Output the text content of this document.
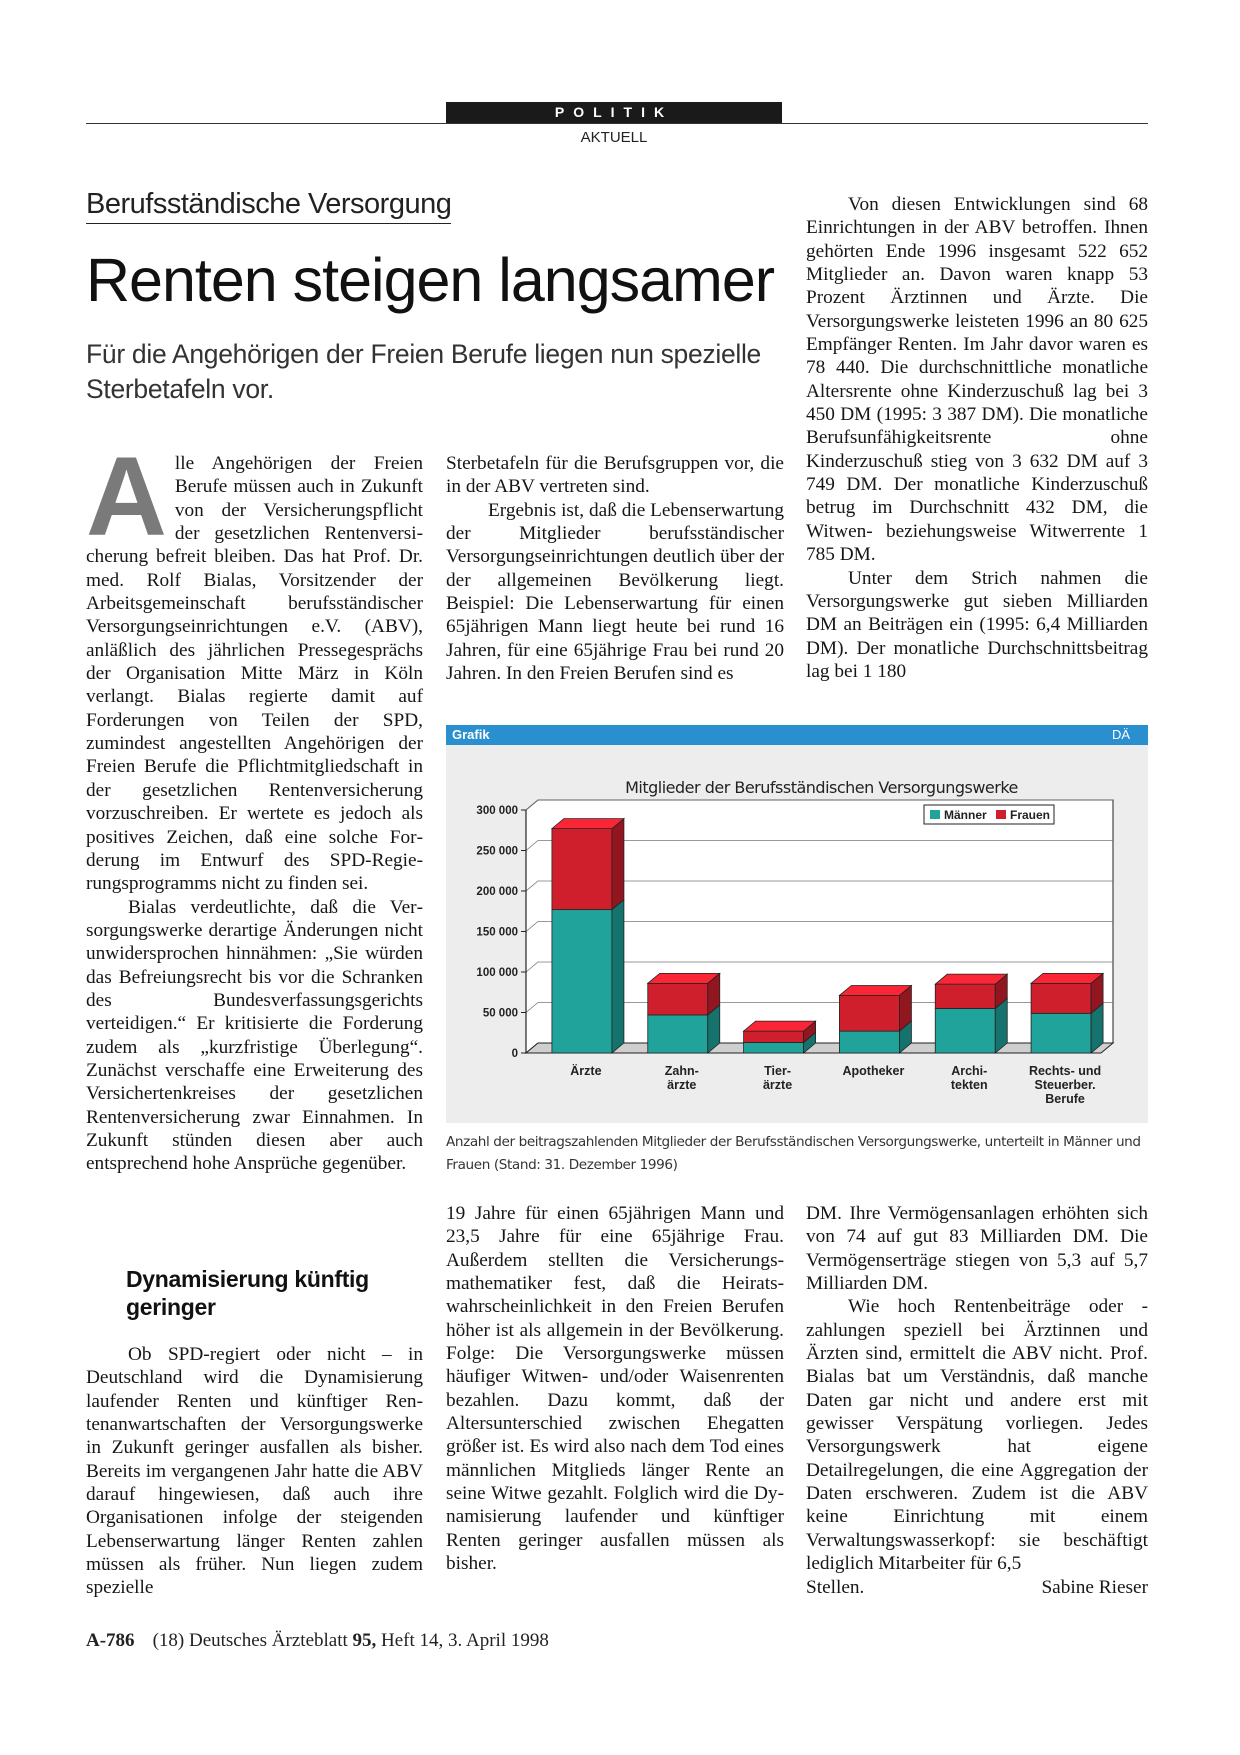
POLITIK
AKTUELL
Berufsständische Versorgung
Renten steigen langsamer

Für die Angehörigen der Freien Berufe liegen nun spezielle Sterbetafeln vor.

Alle Angehörigen der Freien Berufe müssen auch in Zukunft von der Versicherungspflicht der gesetzlichen Rentenversicherung befreit bleiben. Das hat Prof. Dr. med. Rolf Bialas, Vorsitzender der Arbeitsgemeinschaft berufsständischer Versorgungseinrichtungen e.V. (ABV), anläßlich des jährlichen Pressegesprächs der Organisation Mitte März in Köln verlangt. Bialas regierte damit auf Forderungen von Teilen der SPD, zumindest angestellten Angehörigen der Freien Berufe die Pflichtmitgliedschaft in der gesetzlichen Rentenversicherung vorzuschreiben. Er wertete es jedoch als positives Zeichen, daß eine solche Forderung im Entwurf des SPD-Regierungsprogramms nicht zu finden sei.

Bialas verdeutlichte, daß die Versorgungswerke derartige Änderungen nicht unwidersprochen hinnähmen: „Sie würden das Befreiungsrecht bis vor die Schranken des Bundesverfassungsgerichts verteidigen.“ Er kritisierte die Forderung zudem als „kurzfristige Überlegung“. Zunächst verschaffe eine Erweiterung des Versichertenkreises der gesetzlichen Rentenversicherung zwar Einnahmen. In Zukunft stünden diesen aber auch entsprechend hohe Ansprüche gegenüber.

Dynamisierung künftig geringer

Ob SPD-regiert oder nicht – in Deutschland wird die Dynamisierung laufender Renten und künftiger Rentenanwartschaften der Versorgungswerke in Zukunft geringer ausfallen als bisher. Bereits im vergangenen Jahr hatte die ABV darauf hingewiesen, daß auch ihre Organisationen infolge der steigenden Lebenserwartung länger Renten zahlen müssen als früher. Nun liegen zudem spezielle

Sterbetafeln für die Berufsgruppen vor, die in der ABV vertreten sind.

Ergebnis ist, daß die Lebenserwartung der Mitglieder berufsständischer Versorgungseinrichtungen deutlich über der der allgemeinen Bevölkerung liegt. Beispiel: Die Lebenserwartung für einen 65jährigen Mann liegt heute bei rund 16 Jahren, für eine 65jährige Frau bei rund 20 Jahren. In den Freien Berufen sind es

19 Jahre für einen 65jährigen Mann und 23,5 Jahre für eine 65jährige Frau. Außerdem stellten die Versicherungsmathematiker fest, daß die Heiratswahrscheinlichkeit in den Freien Berufen höher ist als allgemein in der Bevölkerung. Folge: Die Versorgungswerke müssen häufiger Witwen- und/oder Waisenrenten bezahlen. Dazu kommt, daß der Altersunterschied zwischen Ehegatten größer ist. Es wird also nach dem Tod eines männlichen Mitglieds länger Rente an seine Witwe gezahlt. Folglich wird die Dynamisierung laufender und künftiger Renten geringer ausfallen müssen als bisher.

Von diesen Entwicklungen sind 68 Einrichtungen in der ABV betroffen. Ihnen gehörten Ende 1996 insgesamt 522 652 Mitglieder an. Davon waren knapp 53 Prozent Ärztinnen und Ärzte. Die Versorgungswerke leisteten 1996 an 80 625 Empfänger Renten. Im Jahr davor waren es 78 440. Die durchschnittliche monatliche Altersrente ohne Kinderzuschuß lag bei 3 450 DM (1995: 3 387 DM). Die monatliche Berufsunfähigkeitsrente ohne Kinderzuschuß stieg von 3 632 DM auf 3 749 DM. Der monatliche Kinderzuschuß betrug im Durchschnitt 432 DM, die Witwen- beziehungsweise Witwerrente 1 785 DM.

Unter dem Strich nahmen die Versorgungswerke gut sieben Milliarden DM an Beiträgen ein (1995: 6,4 Milliarden DM). Der monatliche Durchschnittsbeitrag lag bei 1 180

DM. Ihre Vermögensanlagen erhöhten sich von 74 auf gut 83 Milliarden DM. Die Vermögenserträge stiegen von 5,3 auf 5,7 Milliarden DM.

Wie hoch Rentenbeiträge oder -zahlungen speziell bei Ärztinnen und Ärzten sind, ermittelt die ABV nicht. Prof. Bialas bat um Verständnis, daß manche Daten gar nicht und andere erst mit gewisser Verspätung vorliegen. Jedes Versorgungswerk hat eigene Detailregelungen, die eine Aggregation der Daten erschweren. Zudem ist die ABV keine Einrichtung mit einem Verwaltungswasserkopf: sie beschäftigt lediglich Mitarbeiter für 6,5

Stellen.	Sabine Rieser

Grafik	DÄ
0
50 000
100 000
150 000
200 000
250 000
300 000
Mitglieder der Berufsständischen Versorgungswerke
Männer Frauen
Ärzte	Zahn-ärzte
Tier-ärzte
Apotheker	Archi-tekten
Rechts- und Steuerber. Berufe

Anzahl der beitragszahlenden Mitglieder der Berufsständischen Versorgungswerke, unterteilt in Männer und Frauen (Stand: 31. Dezember 1996)

A-786 (18) Deutsches Ärzteblatt 95, Heft 14, 3. April 1998
